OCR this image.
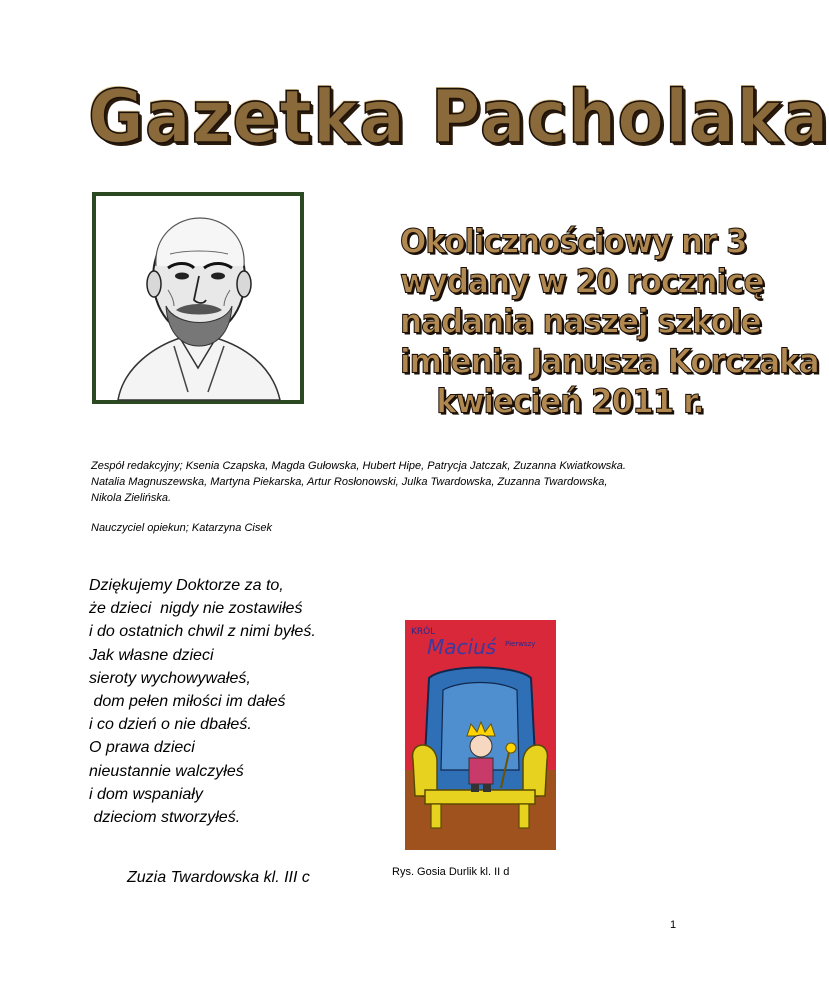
Gazetka Pacholaka
Okolicznościowy nr 3
wydany w 20 rocznicę
nadania naszej szkole
imienia Janusza Korczaka
kwiecień 2011 r.

Zespół redakcyjny; Ksenia Czapska, Magda Gułowska, Hubert Hipe, Patrycja Jatczak, Zuzanna Kwiatkowska.

Natalia Magnuszewska, Martyna Piekarska, Artur Rosłonowski, Julka Twardowska, Zuzanna Twardowska,

Nikola Zielińska.

Nauczyciel opiekun; Katarzyna Cisek
Dziękujemy Doktorze za to,
że dzieci  nigdy nie zostawiłeś
i do ostatnich chwil z nimi byłeś.
Jak własne dzieci
sieroty wychowywałeś,
dom pełen miłości im dałeś
i co dzień o nie dbałeś.
O prawa dzieci
nieustannie walczyłeś
i dom wspaniały
dzieciom stworzyłeś.
Zuzia Twardowska kl. III c
KRÓL
Maciuś Pierwszy
Rys. Gosia Durlik kl. II d
1
